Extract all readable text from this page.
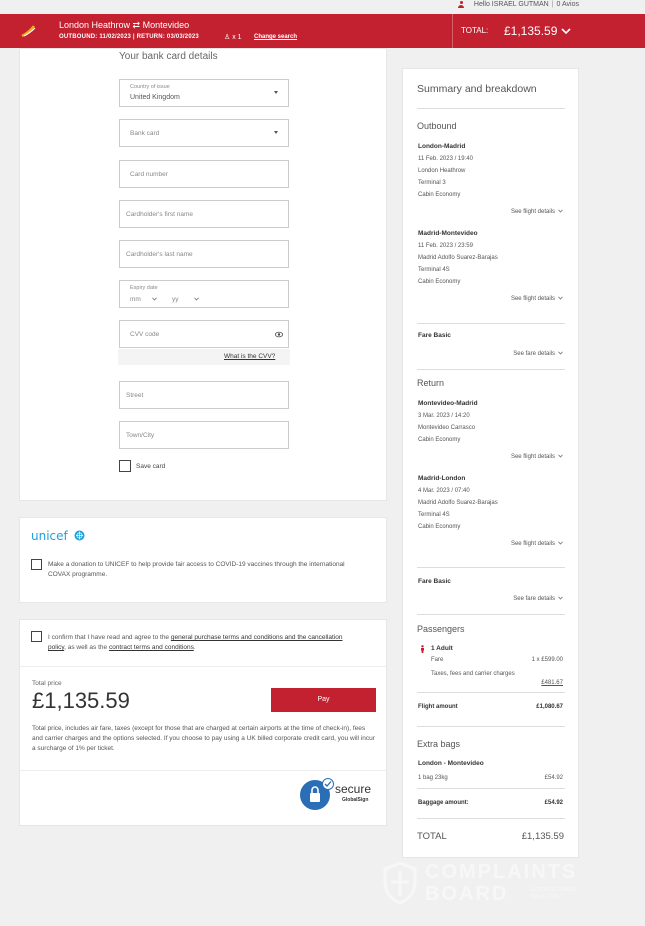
Hello ISRAEL GUTMAN | 0 Avios
London Heathrow ⇄ Montevideo
OUTBOUND: 11/02/2023 | RETURN: 03/03/2023	♙ x 1 Change search
TOTAL: £1,135.59
Your bank card details
Country of issue
United Kingdom
Bank card
Card number
Cardholder's first name
Cardholder's last name
Expiry date
mm	yy
CVV code
What is the CVV?
Street
Town/City
Save card
unicef
Make a donation to UNICEF to help provide fair access to COVID-19 vaccines through the international COVAX programme.
I confirm that I have read and agree to the general purchase terms and conditions and the cancellation policy, as well as the contract terms and conditions.
Total price
£1,135.59	Pay
Total price, includes air fare, taxes (except for those that are charged at certain airports at the time of check-in), fees and carrier charges and the options selected. If you choose to pay using a UK billed corporate credit card, you will incur a surcharge of 1% per ticket.
secure
GlobalSign
Summary and breakdown
Outbound
London-Madrid
11 Feb. 2023 / 19:40
London Heathrow
Terminal 3
Cabin Economy
See flight details
Madrid-Montevideo
11 Feb. 2023 / 23:59
Madrid Adolfo Suarez-Barajas
Terminal 4S
Cabin Economy
See flight details
Fare Basic
See fare details
Return
Montevideo-Madrid
3 Mar. 2023 / 14:20
Montevideo Carrasco
Cabin Economy
See flight details
Madrid-London
4 Mar. 2023 / 07:40
Madrid Adolfo Suarez-Barajas
Terminal 4S
Cabin Economy
See flight details
Fare Basic
See fare details
Passengers
1 Adult
Fare	1 x £599.00
Taxes, fees and carrier charges
£481.67
Flight amount	£1,080.67
Extra bags
London - Montevideo
1 bag 23kg	£54.92
Baggage amount:	£54.92
TOTAL	£1,135.59
COMPLAINTS
BOARD	EXPOSING FRAUD SINCE 2003
